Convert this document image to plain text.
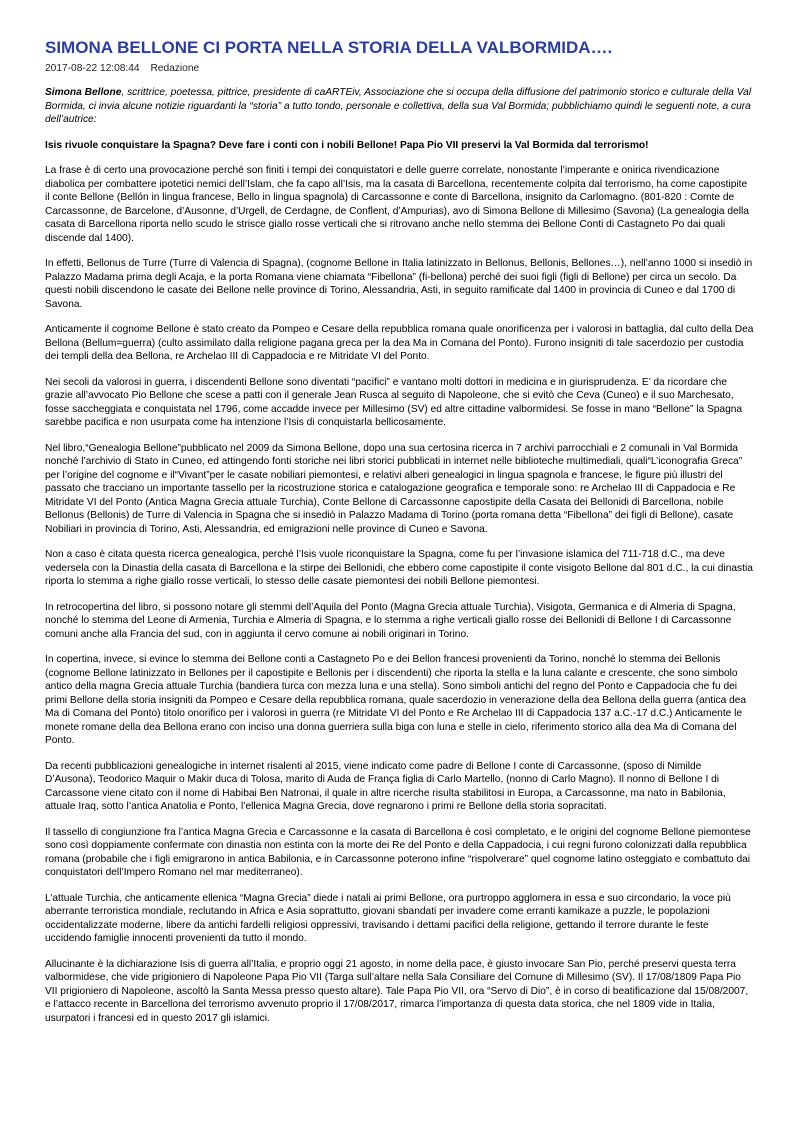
SIMONA BELLONE CI PORTA NELLA STORIA DELLA VALBORMIDA….
2017-08-22 12:08:44 Redazione
Simona Bellone, scrittrice, poetessa, pittrice, presidente di caARTEiv, Associazione che si occupa della diffusione del patrimonio storico e culturale della Val Bormida, ci invia alcune notizie riguardanti la “storia” a tutto tondo, personale e collettiva, della sua Val Bormida; pubblichiamo quindi le seguenti note, a cura dell’autrice:
Isis rivuole conquistare la Spagna? Deve fare i conti con i nobili Bellone! Papa Pio VII preservi la Val Bormida dal terrorismo!

La frase è di certo una provocazione perché son finiti i tempi dei conquistatori e delle guerre correlate, nonostante l’imperante e onirica rivendicazione diabolica per combattere ipotetici nemici dell’Islam, che fa capo all’Isis, ma la casata di Barcellona, recentemente colpita dal terrorismo, ha come capostipite il conte Bellone (Bellón in lingua francese, Bello in lingua spagnola) di Carcassonne e conte di Barcellona, insignito da Carlomagno. (801-820 : Comte de Carcassonne, de Barcelone, d’Ausonne, d’Urgell, de Cerdagne, de Conflent, d’Ampurias), avo di Simona Bellone di Millesimo (Savona) (La genealogia della casata di Barcellona riporta nello scudo le strisce giallo rosse verticali che si ritrovano anche nello stemma dei Bellone Conti di Castagneto Po dai quali discende dal 1400).

In effetti, Bellonus de Turre (Turre di Valencia di Spagna), (cognome Bellone in Italia latinizzato in Bellonus, Bellonis, Bellones…), nell’anno 1000 si insediò in Palazzo Madama prima degli Acaja, e la porta Romana viene chiamata “Fibellona” (fi-bellona) perché dei suoi figli (figli di Bellone) per circa un secolo. Da questi nobili discendono le casate dei Bellone nelle province di Torino, Alessandria, Asti, in seguito ramificate dal 1400 in provincia di Cuneo e dal 1700 di Savona.

Anticamente il cognome Bellone è stato creato da Pompeo e Cesare della repubblica romana quale onorificenza per i valorosi in battaglia, dal culto della Dea Bellona (Bellum=guerra) (culto assimilato dalla religione pagana greca per la dea Ma in Comana del Ponto). Furono insigniti di tale sacerdozio per custodia dei templi della dea Bellona, re Archelao III di Cappadocia e re Mitridate VI del Ponto.

Nei secoli da valorosi in guerra, i discendenti Bellone sono diventati “pacifici” e vantano molti dottori in medicina e in giurisprudenza. E’ da ricordare che grazie all’avvocato Pio Bellone che scese a patti con il generale Jean Rusca al seguito di Napoleone, che si evitò che Ceva (Cuneo) e il suo Marchesato, fosse saccheggiata e conquistata nel 1796, come accadde invece per Millesimo (SV) ed altre cittadine valbormidesi. Se fosse in mano “Bellone” la Spagna sarebbe pacifica e non usurpata come ha intenzione l’Isis di conquistarla bellicosamente.

Nel libro,“Genealogia Bellone”pubblicato nel 2009 da Simona Bellone, dopo una sua certosina ricerca in 7 archivi parrocchiali e 2 comunali in Val Bormida nonché l’archivio di Stato in Cuneo, ed attingendo fonti storiche nei libri storici pubblicati in internet nelle biblioteche multimediali, quali“L’iconografia Greca” per l’origine del cognome e il“Vivant”per le casate nobiliari piemontesi, e relativi alberi genealogici in lingua spagnola e francese, le figure più illustri del passato che tracciano un importante tassello per la ricostruzione storica e catalogazione geografica e temporale sono: re Archelao III di Cappadocia e Re Mitridate VI del Ponto (Antica Magna Grecia attuale Turchia), Conte Bellone di Carcassonne capostipite della Casata dei Bellonidi di Barcellona, nobile Bellonus (Bellonis) de Turre di Valencia in Spagna che si insediò in Palazzo Madama di Torino (porta romana detta “Fibellona” dei figli di Bellone), casate Nobiliari in provincia di Torino, Asti, Alessandria, ed emigrazioni nelle province di Cuneo e Savona.

Non a caso è citata questa ricerca genealogica, perché l’Isis vuole riconquistare la Spagna, come fu per l’invasione islamica del 711-718 d.C., ma deve vedersela con la Dinastia della casata di Barcellona e la stirpe dei Bellonidi, che ebbero come capostipite il conte visigoto Bellone dal 801 d.C., la cui dinastia riporta lo stemma a righe giallo rosse verticali, lo stesso delle casate piemontesi dei nobili Bellone piemontesi.

In retrocopertina del libro, si possono notare gli stemmi dell’Aquila del Ponto (Magna Grecia attuale Turchia), Visigota, Germanica e di Almeria di Spagna, nonché lo stemma del Leone di Armenia, Turchia e Almeria di Spagna, e lo stemma a righe verticali giallo rosse dei Bellonidi di Bellone I di Carcassonne comuni anche alla Francia del sud, con in aggiunta il cervo comune ai nobili originari in Torino.

In copertina, invece, si evince lo stemma dei Bellone conti a Castagneto Po e dei Bellon francesi provenienti da Torino, nonché lo stemma dei Bellonis (cognome Bellone latinizzato in Bellones per il capostipite e Bellonis per i discendenti) che riporta la stella e la luna calante e crescente, che sono simbolo antico della magna Grecia attuale Turchia (bandiera turca con mezza luna e una stella). Sono simboli antichi del regno del Ponto e Cappadocia che fu dei primi Bellone della storia insigniti da Pompeo e Cesare della repubblica romana, quale sacerdozio in venerazione della dea Bellona della guerra (antica dea Ma di Comana del Ponto) titolo onorifico per i valorosi in guerra (re Mitridate VI del Ponto e Re Archelao III di Cappadocia 137 a.C.-17 d.C.) Anticamente le monete romane della dea Bellona erano con inciso una donna guerriera sulla biga con luna e stelle in cielo, riferimento storico alla dea Ma di Comana del Ponto.

Da recenti pubblicazioni genealogiche in internet risalenti al 2015, viene indicato come padre di Bellone I conte di Carcassonne, (sposo di Nimilde D’Ausona), Teodorico Maquir o Makir duca di Tolosa, marito di Auda de França figlia di Carlo Martello, (nonno di Carlo Magno). Il nonno di Bellone I di Carcassone viene citato con il nome di Habibai Ben Natronai, il quale in altre ricerche risulta stabilitosi in Europa, a Carcassonne, ma nato in Babilonia, attuale Iraq, sotto l’antica Anatolia e Ponto, l’ellenica Magna Grecia, dove regnarono i primi re Bellone della storia sopracitati.

Il tassello di congiunzione fra l’antica Magna Grecia e Carcassonne e la casata di Barcellona è così completato, e le origini del cognome Bellone piemontese sono così doppiamente confermate con dinastia non estinta con la morte dei Re del Ponto e della Cappadocia, i cui regni furono colonizzati dalla repubblica romana (probabile che i figli emigrarono in antica Babilonia, e in Carcassonne poterono infine “rispolverare” quel cognome latino osteggiato e combattuto dai conquistatori dell’Impero Romano nel mar mediterraneo).

L’attuale Turchia, che anticamente ellenica “Magna Grecia” diede i natali ai primi Bellone, ora purtroppo agglomera in essa e suo circondario, la voce più aberrante terroristica mondiale, reclutando in Africa e Asia soprattutto, giovani sbandati per invadere come erranti kamikaze a puzzle, le popolazioni occidentalizzate moderne, libere da antichi fardelli religiosi oppressivi, travisando i dettami pacifici della religione, gettando il terrore durante le feste uccidendo famiglie innocenti provenienti da tutto il mondo.

Allucinante è la dichiarazione Isis di guerra all’Italia, e proprio oggi 21 agosto, in nome della pace, è giusto invocare San Pio, perché preservi questa terra valbormidese, che vide prigioniero di Napoleone Papa Pio VII (Targa sull’altare nella Sala Consiliare del Comune di Millesimo (SV). Il 17/08/1809 Papa Pio VII prigioniero di Napoleone, ascoltò la Santa Messa presso questo altare). Tale Papa Pio VII, ora “Servo di Dio”, è in corso di beatificazione dal 15/08/2007, e l’attacco recente in Barcellona del terrorismo avvenuto proprio il 17/08/2017, rimarca l’importanza di questa data storica, che nel 1809 vide in Italia, usurpatori i francesi ed in questo 2017 gli islamici.
